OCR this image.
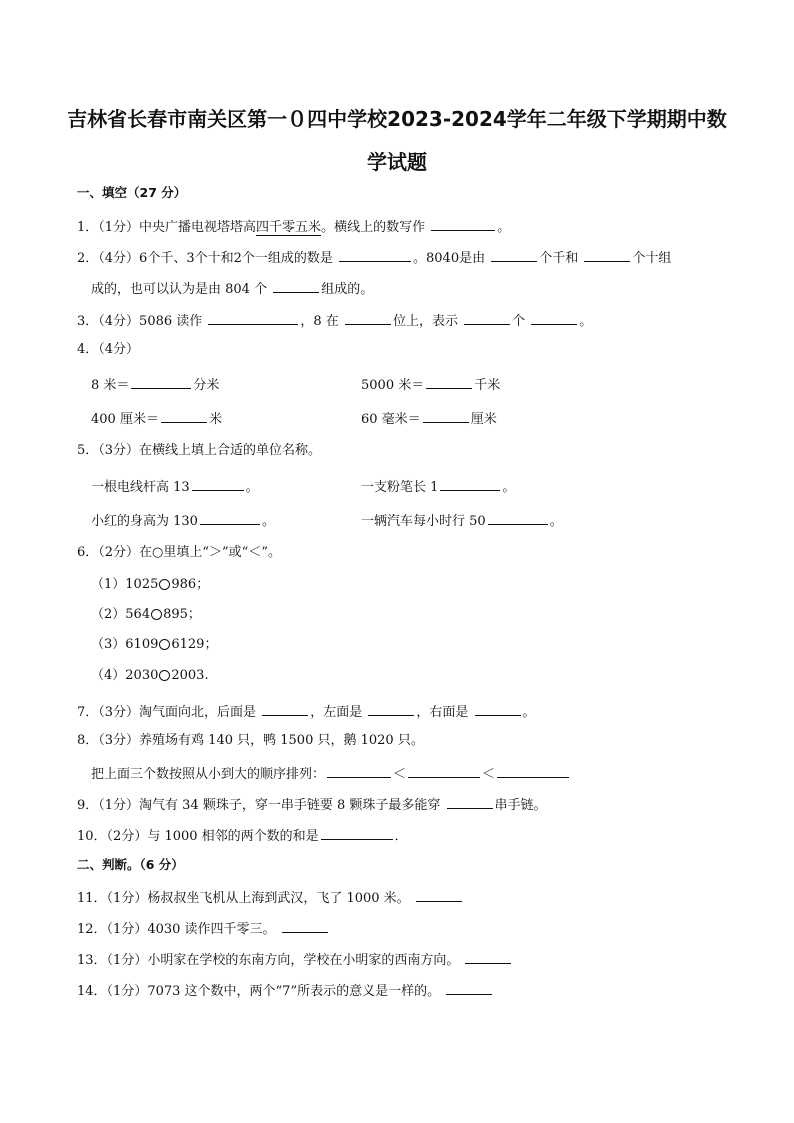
吉林省长春市南关区第一０四中学校2023-2024学年二年级下学期期中数
学试题
一、填空（27 分）
1．（1分）中央广播电视塔塔高四千零五米。横线上的数写作	。
2．（4分）6个千、3个十和2个一组成的数是	。8040是由	个千和	个十组
成的，也可以认为是由 804 个	组成的。
3．（4分）5086 读作	，8 在	位上，表示	个	。
4．（4分）
8 米＝	分米	5000 米＝	千米
400 厘米＝	米	60 毫米＝	厘米
5．（3分）在横线上填上合适的单位名称。
一根电线杆高 13	。	一支粉笔长 1	。
小红的身高为 130	。	一辆汽车每小时行 50	。
6．（2分）在○里填上“＞”或“＜”。
（1）1025 986；
（2）564 895；
（3）6109 6129；
（4）2030 2003.
7．（3分）淘气面向北，后面是	，左面是	，右面是	。
8．（3分）养殖场有鸡 140 只，鸭 1500 只，鹅 1020 只。
把上面三个数按照从小到大的顺序排列：	＜	＜
9．（1分）淘气有 34 颗珠子，穿一串手链要 8 颗珠子最多能穿	串手链。
10．（2分）与 1000 相邻的两个数的和是	．
二、判断。（6 分）
11．（1分）杨叔叔坐飞机从上海到武汉，飞了 1000 米。
12．（1分）4030 读作四千零三。
13．（1分）小明家在学校的东南方向，学校在小明家的西南方向。
14．（1分）7073 这个数中，两个“7”所表示的意义是一样的。
